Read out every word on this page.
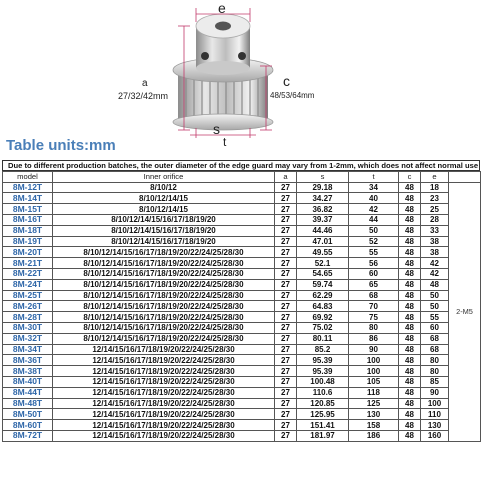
e
a
27/32/42mm
c
48/53/64mm
s
t
Table units:mm
Due to different production batches, the outer diameter of the edge guard may vary from 1-2mm, which does not affect normal use
model	Inner orifice	a	s	t	c	e	
8M-12T	8/10/12	27	29.18	34	48	18	2-M5
8M-14T	8/10/12/14/15	27	34.27	40	48	23	
8M-15T	8/10/12/14/15	27	36.82	42	48	25	
8M-16T	8/10/12/14/15/16/17/18/19/20	27	39.37	44	48	28	
8M-18T	8/10/12/14/15/16/17/18/19/20	27	44.46	50	48	33	
8M-19T	8/10/12/14/15/16/17/18/19/20	27	47.01	52	48	38	
8M-20T	8/10/12/14/15/16/17/18/19/20/22/24/25/28/30	27	49.55	55	48	38	
8M-21T	8/10/12/14/15/16/17/18/19/20/22/24/25/28/30	27	52.1	56	48	42	
8M-22T	8/10/12/14/15/16/17/18/19/20/22/24/25/28/30	27	54.65	60	48	42	
8M-24T	8/10/12/14/15/16/17/18/19/20/22/24/25/28/30	27	59.74	65	48	48	
8M-25T	8/10/12/14/15/16/17/18/19/20/22/24/25/28/30	27	62.29	68	48	50	
8M-26T	8/10/12/14/15/16/17/18/19/20/22/24/25/28/30	27	64.83	70	48	50	
8M-28T	8/10/12/14/15/16/17/18/19/20/22/24/25/28/30	27	69.92	75	48	55	
8M-30T	8/10/12/14/15/16/17/18/19/20/22/24/25/28/30	27	75.02	80	48	60	
8M-32T	8/10/12/14/15/16/17/18/19/20/22/24/25/28/30	27	80.11	86	48	68	
8M-34T	12/14/15/16/17/18/19/20/22/24/25/28/30	27	85.2	90	48	68	
8M-36T	12/14/15/16/17/18/19/20/22/24/25/28/30	27	95.39	100	48	80	
8M-38T	12/14/15/16/17/18/19/20/22/24/25/28/30	27	95.39	100	48	80	
8M-40T	12/14/15/16/17/18/19/20/22/24/25/28/30	27	100.48	105	48	85	
8M-44T	12/14/15/16/17/18/19/20/22/24/25/28/30	27	110.6	118	48	90	
8M-48T	12/14/15/16/17/18/19/20/22/24/25/28/30	27	120.85	125	48	100	
8M-50T	12/14/15/16/17/18/19/20/22/24/25/28/30	27	125.95	130	48	110	
8M-60T	12/14/15/16/17/18/19/20/22/24/25/28/30	27	151.41	158	48	130	
8M-72T	12/14/15/16/17/18/19/20/22/24/25/28/30	27	181.97	186	48	160	
